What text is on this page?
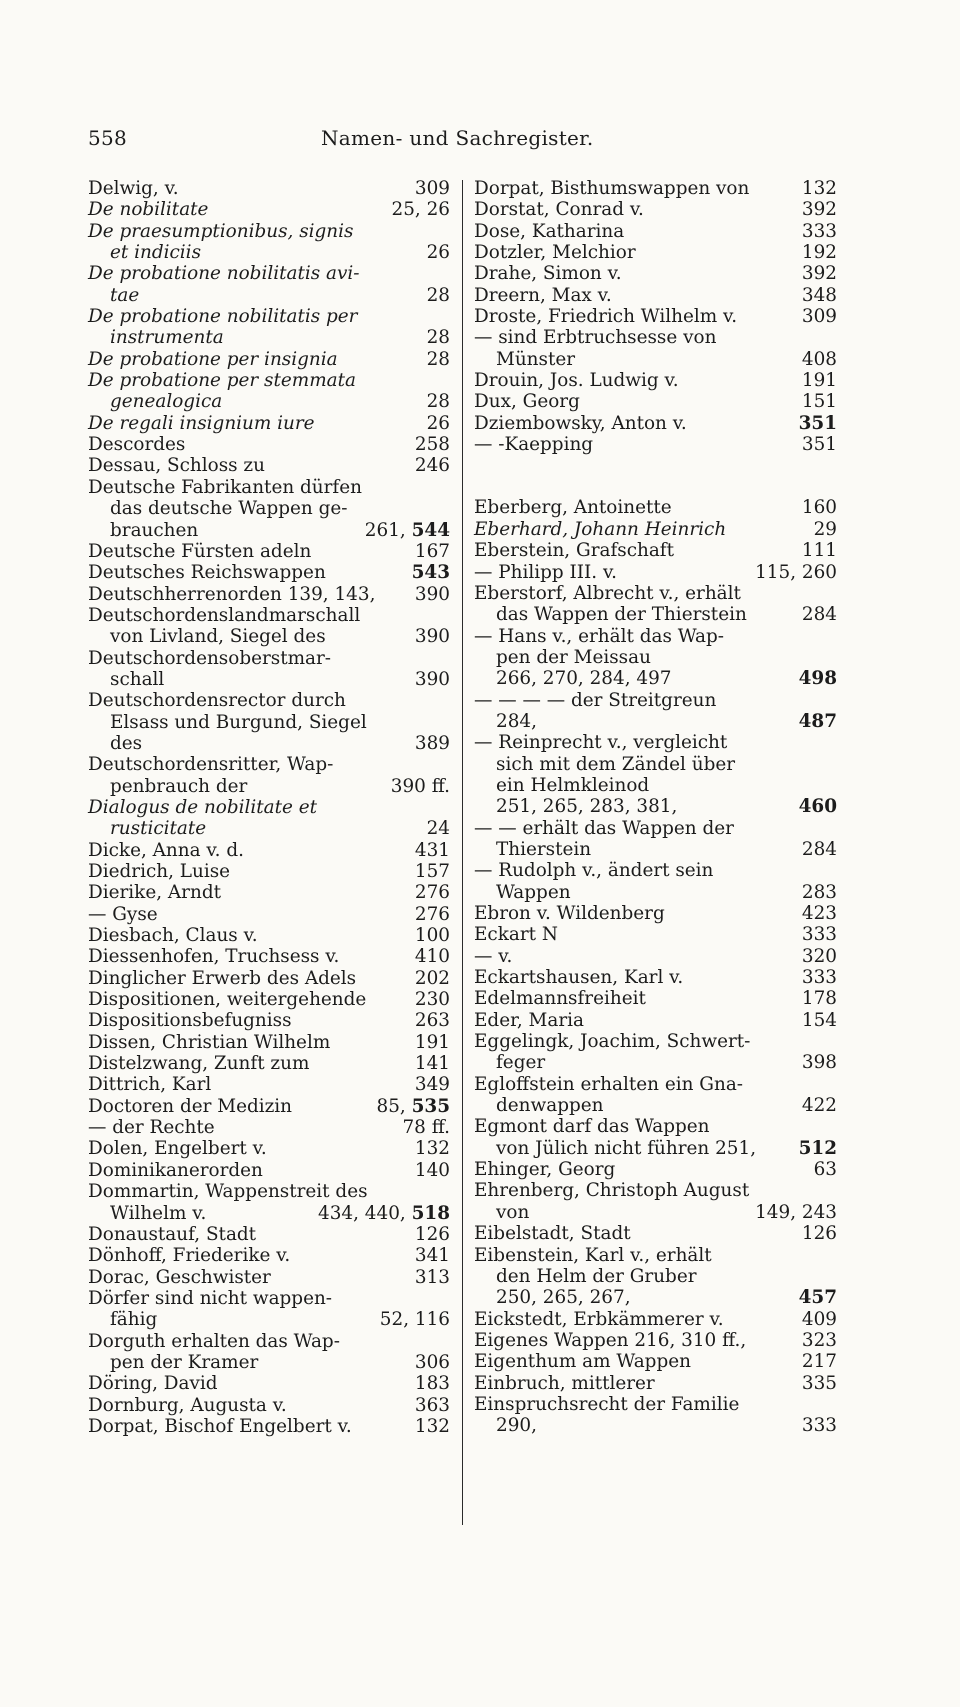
558	Namen- und Sachregister.
Delwig, v.	309
De nobilitate	25, 26
De praesumptionibus, signis
et indiciis	26
De probatione nobilitatis avi-
tae	28
De probatione nobilitatis per
instrumenta	28
De probatione per insignia	28
De probatione per stemmata
genealogica	28
De regali insignium iure	26
Descordes	258
Dessau, Schloss zu	246
Deutsche Fabrikanten dürfen
das deutsche Wappen ge-
brauchen	261, 544
Deutsche Fürsten adeln	167
Deutsches Reichswappen	543
Deutschherrenorden 139, 143,	390
Deutschordenslandmarschall
von Livland, Siegel des	390
Deutschordensoberstmar-
schall	390
Deutschordensrector durch
Elsass und Burgund, Siegel
des	389
Deutschordensritter, Wap-
penbrauch der	390 ff.
Dialogus de nobilitate et
rusticitate	24
Dicke, Anna v. d.	431
Diedrich, Luise	157
Dierike, Arndt	276
— Gyse	276
Diesbach, Claus v.	100
Diessenhofen, Truchsess v.	410
Dinglicher Erwerb des Adels	202
Dispositionen, weitergehende	230
Dispositionsbefugniss	263
Dissen, Christian Wilhelm	191
Distelzwang, Zunft zum	141
Dittrich, Karl	349
Doctoren der Medizin	85, 535
— der Rechte	78 ff.
Dolen, Engelbert v.	132
Dominikanerorden	140
Dommartin, Wappenstreit des
Wilhelm v.	434, 440, 518
Donaustauf, Stadt	126
Dönhoff, Friederike v.	341
Dorac, Geschwister	313
Dörfer sind nicht wappen-
fähig	52, 116
Dorguth erhalten das Wap-
pen der Kramer	306
Döring, David	183
Dornburg, Augusta v.	363
Dorpat, Bischof Engelbert v.	132
Dorpat, Bisthumswappen von	132
Dorstat, Conrad v.	392
Dose, Katharina	333
Dotzler, Melchior	192
Drahe, Simon v.	392
Dreern, Max v.	348
Droste, Friedrich Wilhelm v.	309
— sind Erbtruchsesse von
Münster	408
Drouin, Jos. Ludwig v.	191
Dux, Georg	151
Dziembowsky, Anton v.	351
— -Kaepping	351
Eberberg, Antoinette	160
Eberhard, Johann Heinrich	29
Eberstein, Grafschaft	111
— Philipp III. v.	115, 260
Eberstorf, Albrecht v., erhält
das Wappen der Thierstein	284
— Hans v., erhält das Wap-
pen der Meissau
266, 270, 284, 497	498
— — — — der Streitgreun
284,	487
— Reinprecht v., vergleicht
sich mit dem Zändel über
ein Helmkleinod
251, 265, 283, 381,	460
— — erhält das Wappen der
Thierstein	284
— Rudolph v., ändert sein
Wappen	283
Ebron v. Wildenberg	423
Eckart N	333
— v.	320
Eckartshausen, Karl v.	333
Edelmannsfreiheit	178
Eder, Maria	154
Eggelingk, Joachim, Schwert-
feger	398
Egloffstein erhalten ein Gna-
denwappen	422
Egmont darf das Wappen
von Jülich nicht führen 251,	512
Ehinger, Georg	63
Ehrenberg, Christoph August
von	149, 243
Eibelstadt, Stadt	126
Eibenstein, Karl v., erhält
den Helm der Gruber
250, 265, 267,	457
Eickstedt, Erbkämmerer v.	409
Eigenes Wappen 216, 310 ff.,	323
Eigenthum am Wappen	217
Einbruch, mittlerer	335
Einspruchsrecht der Familie
290,	333
